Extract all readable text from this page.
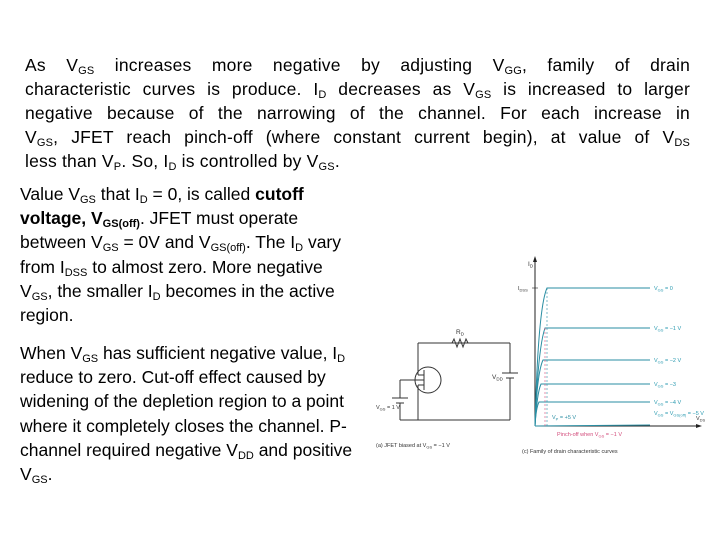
As $V_{GS}$ increases more negative by adjusting $V_{GG}$, family of drain
characteristic curves is produce. $I_D$ decreases as $V_{GS}$ is increased to larger
negative because of the narrowing of the channel. For each increase in
$V_{GS}$, JFET reach pinch-off (where constant current begin), at value of $V_{DS}$
less than $V_P$. So, $I_D$ is controlled by $V_{GS}$.
Value $V_{GS}$ that $I_D = 0$, is called cutoff voltage, $V_{GS(off)}$. JFET must operate between $V_{GS} = 0V$ and $V_{GS(off)}$. The $I_D$ vary from $I_{DSS}$ to almost zero. More negative $V_{GS}$, the smaller $I_D$ becomes in the active region.
When $V_{GS}$ has sufficient negative value, $I_D$ reduce to zero. Cut-off effect caused by widening of the depletion region to a point where it completely closes the channel. P-channel required negative $V_{DD}$ and positive $V_{GS}$.
$R_D$
$V_{DD}$
$V_{GS} = 1$ V
(a) JFET biased at $V_{GS} = -1$ V
$I_D$
$I_{DSS}$
$V_{DS}$
$V_P = +5$ V
Pinch-off when $V_{GS} = -1$ V
(c) Family of drain characteristic curves
$V_{GS} = 0$
$V_{GS} = -1$ V
$V_{GS} = -2$ V
$V_{GS} = -3$
$V_{GS} = -4$ V
$V_{GS} = V_{GS(off)} = -5$ V
